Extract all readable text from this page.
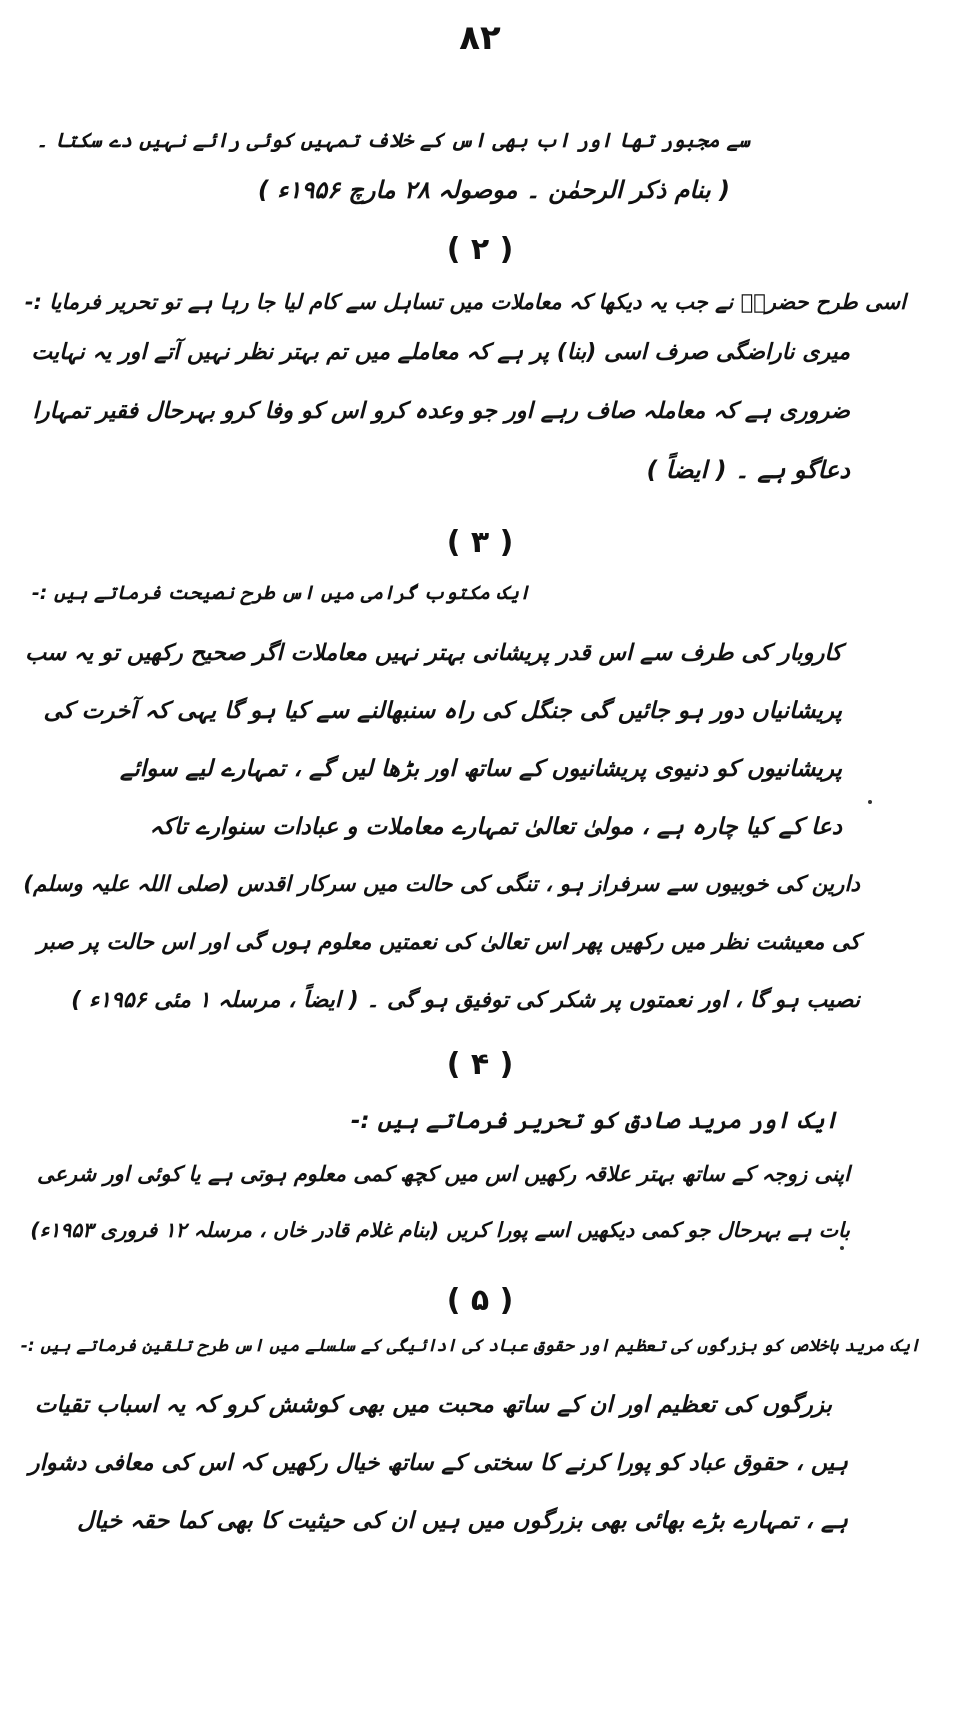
۸۲
سے مجبور تھا اور اب بھی اس کے خلاف تمہیں کوئی رائے نہیں دے سکتا ۔
( بنام ذکر الرحمٰن ۔ موصولہ ۲۸ مارچ ۱۹۵۶ء )
( ۲ )
اسی طرح حضرتؒ نے جب یہ دیکھا کہ معاملات میں تساہل سے کام لیا جا رہا ہے تو تحریر فرمایا :-
میری ناراضگی صرف اسی (بنا) پر ہے کہ معاملے میں تم بہتر نظر نہیں آتے اور یہ نہایت
ضروری ہے کہ معاملہ صاف رہے اور جو وعدہ کرو اس کو وفا کرو بہرحال فقیر تمہارا
دعاگو ہے ۔ ( ایضاً )
( ۳ )
ایک مکتوب گرامی میں اس طرح نصیحت فرماتے ہیں :-
کاروبار کی طرف سے اس قدر پریشانی بہتر نہیں معاملات اگر صحیح رکھیں تو یہ سب
پریشانیاں دور ہو جائیں گی جنگل کی راہ سنبھالنے سے کیا ہو گا یہی کہ آخرت کی
پریشانیوں کو دنیوی پریشانیوں کے ساتھ اور بڑھا لیں گے ، تمہارے لیے سوائے
دعا کے کیا چارہ ہے ، مولیٰ تعالیٰ تمہارے معاملات و عبادات سنوارے تاکہ
دارین کی خوبیوں سے سرفراز ہو ، تنگی کی حالت میں سرکار اقدس (صلی اللہ علیہ وسلم)
کی معیشت نظر میں رکھیں پھر اس تعالیٰ کی نعمتیں معلوم ہوں گی اور اس حالت پر صبر
نصیب ہو گا ، اور نعمتوں پر شکر کی توفیق ہو گی ۔ ( ایضاً ، مرسلہ ۱ مئی ۱۹۵۶ء )
( ۴ )
ایک اور مرید صادق کو تحریر فرماتے ہیں :-
اپنی زوجہ کے ساتھ بہتر علاقہ رکھیں اس میں کچھ کمی معلوم ہوتی ہے یا کوئی اور شرعی
بات ہے بہرحال جو کمی دیکھیں اسے پورا کریں (بنام غلام قادر خاں ، مرسلہ ۱۲ فروری ۱۹۵۳ء)
( ۵ )
ایک مرید باخلاص کو بزرگوں کی تعظیم اور حقوق عباد کی ادائیگی کے سلسلے میں اس طرح تلقین فرماتے ہیں :-
بزرگوں کی تعظیم اور ان کے ساتھ محبت میں بھی کوشش کرو کہ یہ اسباب تقیات
ہیں ، حقوق عباد کو پورا کرنے کا سختی کے ساتھ خیال رکھیں کہ اس کی معافی دشوار
ہے ، تمہارے بڑے بھائی بھی بزرگوں میں ہیں ان کی حیثیت کا بھی کما حقہ خیال
